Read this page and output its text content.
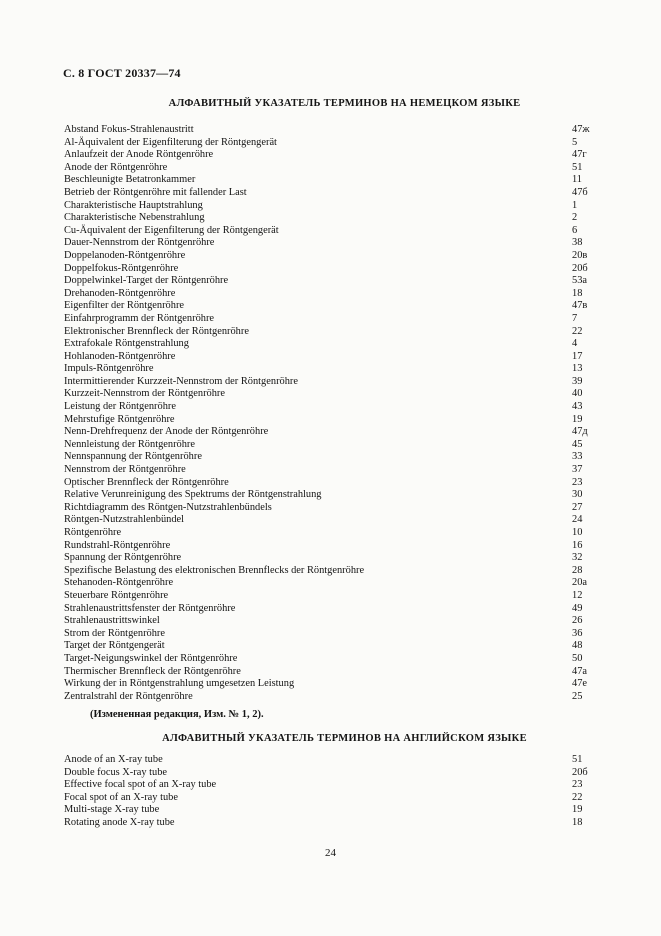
С. 8 ГОСТ 20337—74
АЛФАВИТНЫЙ УКАЗАТЕЛЬ ТЕРМИНОВ НА НЕМЕЦКОМ ЯЗЫКЕ
Abstand Fokus-Strahlenaustritt	47ж
Al-Äquivalent der Eigenfilterung der Röntgengerät	5
Anlaufzeit der Anode Röntgenröhre	47г
Anode der Röntgenröhre	51
Beschleunigte Betatronkammer	11
Betrieb der Röntgenröhre mit fallender Last	47б
Charakteristische Hauptstrahlung	1
Charakteristische Nebenstrahlung	2
Cu-Äquivalent der Eigenfilterung der Röntgengerät	6
Dauer-Nennstrom der Röntgenröhre	38
Doppelanoden-Röntgenröhre	20в
Doppelfokus-Röntgenröhre	20б
Doppelwinkel-Target der Röntgenröhre	53а
Drehanoden-Röntgenröhre	18
Eigenfilter der Röntgenröhre	47в
Einfahrprogramm der Röntgenröhre	7
Elektronischer Brennfleck der Röntgenröhre	22
Extrafokale Röntgenstrahlung	4
Hohlanoden-Röntgenröhre	17
Impuls-Röntgenröhre	13
Intermittierender Kurzzeit-Nennstrom der Röntgenröhre	39
Kurzzeit-Nennstrom der Röntgenröhre	40
Leistung der Röntgenröhre	43
Mehrstufige Röntgenröhre	19
Nenn-Drehfrequenz der Anode der Röntgenröhre	47д
Nennleistung der Röntgenröhre	45
Nennspannung der Röntgenröhre	33
Nennstrom der Röntgenröhre	37
Optischer Brennfleck der Röntgenröhre	23
Relative Verunreinigung des Spektrums der Röntgenstrahlung	30
Richtdiagramm des Röntgen-Nutzstrahlenbündels	27
Röntgen-Nutzstrahlenbündel	24
Röntgenröhre	10
Rundstrahl-Röntgenröhre	16
Spannung der Röntgenröhre	32
Spezifische Belastung des elektronischen Brennflecks der Röntgenröhre	28
Stehanoden-Röntgenröhre	20а
Steuerbare Röntgenröhre	12
Strahlenaustrittsfenster der Röntgenröhre	49
Strahlenaustrittswinkel	26
Strom der Röntgenröhre	36
Target der Röntgengerät	48
Target-Neigungswinkel der Röntgenröhre	50
Thermischer Brennfleck der Röntgenröhre	47а
Wirkung der in Röntgenstrahlung umgesetzen Leistung	47е
Zentralstrahl der Röntgenröhre	25
(Измененная редакция, Изм. № 1, 2).
АЛФАВИТНЫЙ УКАЗАТЕЛЬ ТЕРМИНОВ НА АНГЛИЙСКОМ ЯЗЫКЕ
Anode of an X-ray tube	51
Double focus X-ray tube	20б
Effective focal spot of an X-ray tube	23
Focal spot of an X-ray tube	22
Multi-stage X-ray tube	19
Rotating anode X-ray tube	18
24
